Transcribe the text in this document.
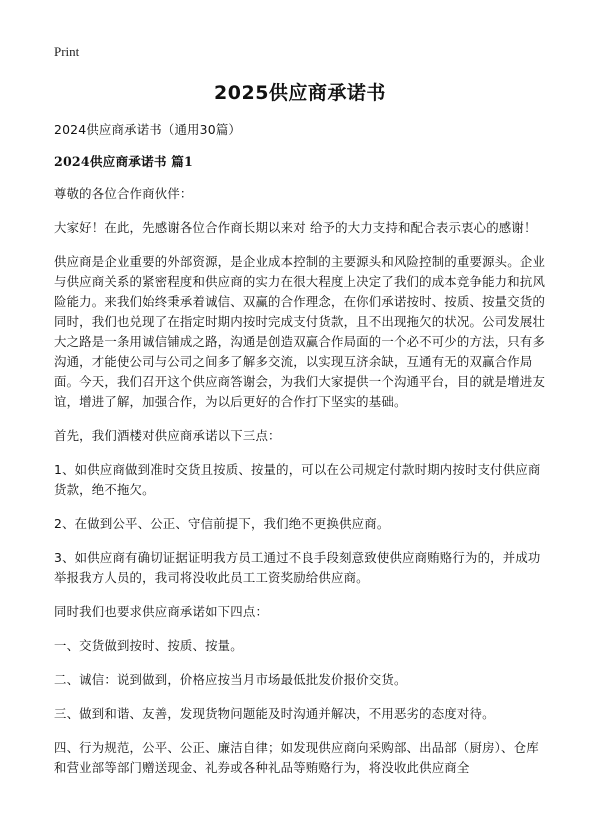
Print
2025供应商承诺书

2024供应商承诺书（通用30篇）

2024供应商承诺书 篇1

尊敬的各位合作商伙伴：

大家好！在此，先感谢各位合作商长期以来对 给予的大力支持和配合表示衷心的感谢！

供应商是企业重要的外部资源，是企业成本控制的主要源头和风险控制的重要源头。企业与供应商关系的紧密程度和供应商的实力在很大程度上决定了我们的成本竞争能力和抗风险能力。来我们始终秉承着诚信、双赢的合作理念，在你们承诺按时、按质、按量交货的同时，我们也兑现了在指定时期内按时完成支付货款，且不出现拖欠的状况。公司发展壮大之路是一条用诚信铺成之路，沟通是创造双赢合作局面的一个必不可少的方法，只有多沟通，才能使公司与公司之间多了解多交流，以实现互济余缺，互通有无的双赢合作局面。今天，我们召开这个供应商答谢会，为我们大家提供一个沟通平台，目的就是增进友谊，增进了解，加强合作，为以后更好的合作打下坚实的基础。

首先，我们酒楼对供应商承诺以下三点：

1、如供应商做到准时交货且按质、按量的，可以在公司规定付款时期内按时支付供应商货款，绝不拖欠。

2、在做到公平、公正、守信前提下，我们绝不更换供应商。

3、如供应商有确切证据证明我方员工通过不良手段刻意致使供应商贿赂行为的，并成功举报我方人员的，我司将没收此员工工资奖励给供应商。

同时我们也要求供应商承诺如下四点：

一、交货做到按时、按质、按量。

二、诚信：说到做到，价格应按当月市场最低批发价报价交货。

三、做到和谐、友善，发现货物问题能及时沟通并解决，不用恶劣的态度对待。

四、行为规范，公平、公正、廉洁自律；如发现供应商向采购部、出品部（厨房）、仓库和营业部等部门赠送现金、礼券或各种礼品等贿赂行为，将没收此供应商全
